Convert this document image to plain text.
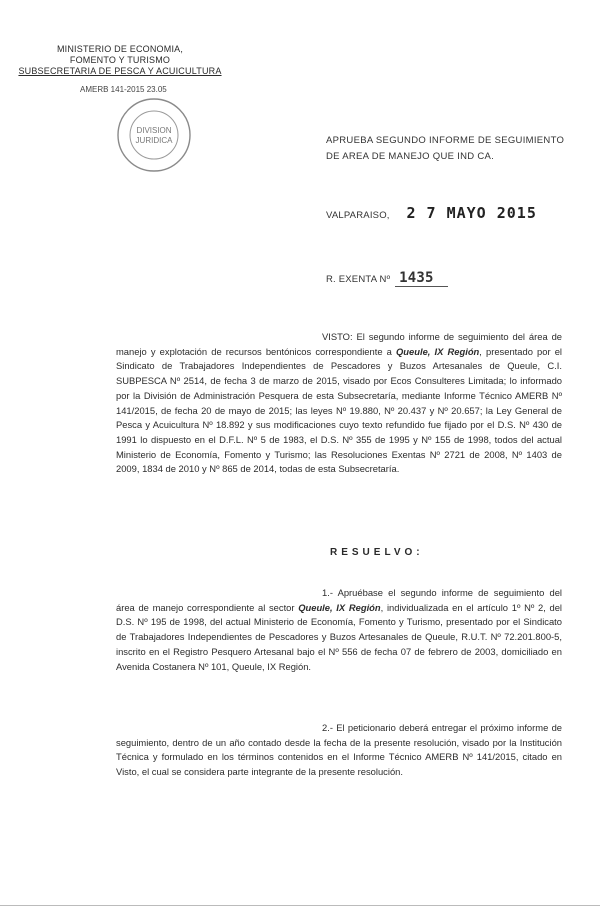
MINISTERIO DE ECONOMIA,
FOMENTO Y TURISMO
SUBSECRETARIA DE PESCA Y ACUICULTURA
AMERB 141-2015 23.05
DIVISION
JURIDICA	APRUEBA SEGUNDO INFORME DE SEGUIMIENTO DE AREA DE MANEJO QUE IND CA.
VALPARAISO, 2 7 MAYO 2015
R. EXENTA Nº 1435
VISTO: El segundo informe de seguimiento del área de manejo y explotación de recursos bentónicos correspondiente a Queule, IX Región, presentado por el Sindicato de Trabajadores Independientes de Pescadores y Buzos Artesanales de Queule, C.I. SUBPESCA Nº 2514, de fecha 3 de marzo de 2015, visado por Ecos Consulteres Limitada; lo informado por la División de Administración Pesquera de esta Subsecretaría, mediante Informe Técnico AMERB Nº 141/2015, de fecha 20 de mayo de 2015; las leyes Nº 19.880, Nº 20.437 y Nº 20.657; la Ley General de Pesca y Acuicultura Nº 18.892 y sus modificaciones cuyo texto refundido fue fijado por el D.S. Nº 430 de 1991 lo dispuesto en el D.F.L. Nº 5 de 1983, el D.S. Nº 355 de 1995 y Nº 155 de 1998, todos del actual Ministerio de Economía, Fomento y Turismo; las Resoluciones Exentas Nº 2721 de 2008, Nº 1403 de 2009, 1834 de 2010 y Nº 865 de 2014, todas de esta Subsecretaría.
RESUELVO:
1.- Apruébase el segundo informe de seguimiento del área de manejo correspondiente al sector Queule, IX Región, individualizada en el artículo 1º Nº 2, del D.S. Nº 195 de 1998, del actual Ministerio de Economía, Fomento y Turismo, presentado por el Sindicato de Trabajadores Independientes de Pescadores y Buzos Artesanales de Queule, R.U.T. Nº 72.201.800-5, inscrito en el Registro Pesquero Artesanal bajo el Nº 556 de fecha 07 de febrero de 2003, domiciliado en Avenida Costanera Nº 101, Queule, IX Región.
2.- El peticionario deberá entregar el próximo informe de seguimiento, dentro de un año contado desde la fecha de la presente resolución, visado por la Institución Técnica y formulado en los términos contenidos en el Informe Técnico AMERB Nº 141/2015, citado en Visto, el cual se considera parte integrante de la presente resolución.
